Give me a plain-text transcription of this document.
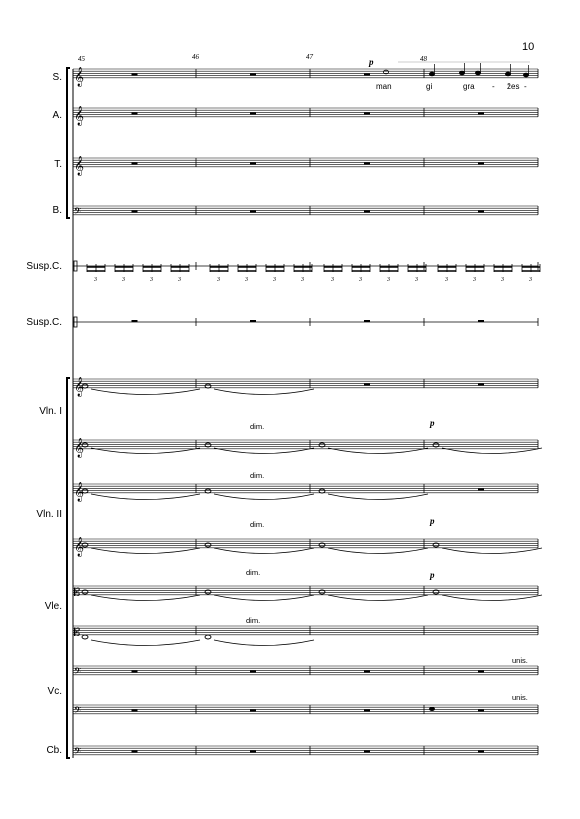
𝄞
𝄞
𝄞
𝄢
𝄞
𝄞
𝄞
𝄞
𝄡
𝄡
𝄢
𝄢
𝄢
3	3	3	3	3	3	3	3	3	3	3	3	3	3	3	3
10
45	46	47	48
S.
A.
T.
B.
Susp.C.
Susp.C.
Vln. I
Vln. II
Vle.
Vc.
Cb.
man	gi	gra - žes -
p
p
p
p
dim.
dim.
dim.
dim.
dim.
unis.
unis.
